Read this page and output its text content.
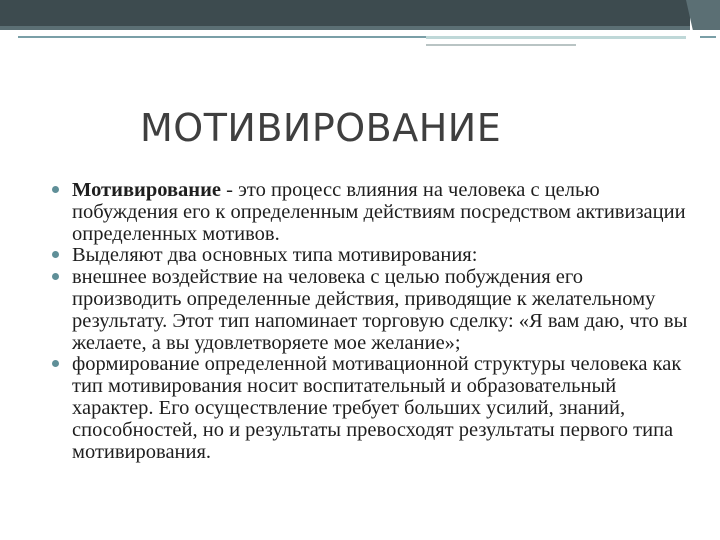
МОТИВИРОВАНИЕ
Мотивирование - это процесс влияния на человека с целью побуждения его к определенным действиям посредством активизации определенных мотивов.
Выделяют два основных типа мотивирования:
внешнее воздействие на человека с целью побуждения его производить определенные действия, приводящие к желательному результату. Этот тип напоминает торговую сделку: «Я вам даю, что вы желаете, а вы удовлетворяете мое желание»;
формирование определенной мотивационной структуры человека как тип мотивирования носит воспитательный и образовательный характер. Его осуществление требует больших усилий, знаний, способностей, но и результаты превосходят результаты первого типа мотивирования.
